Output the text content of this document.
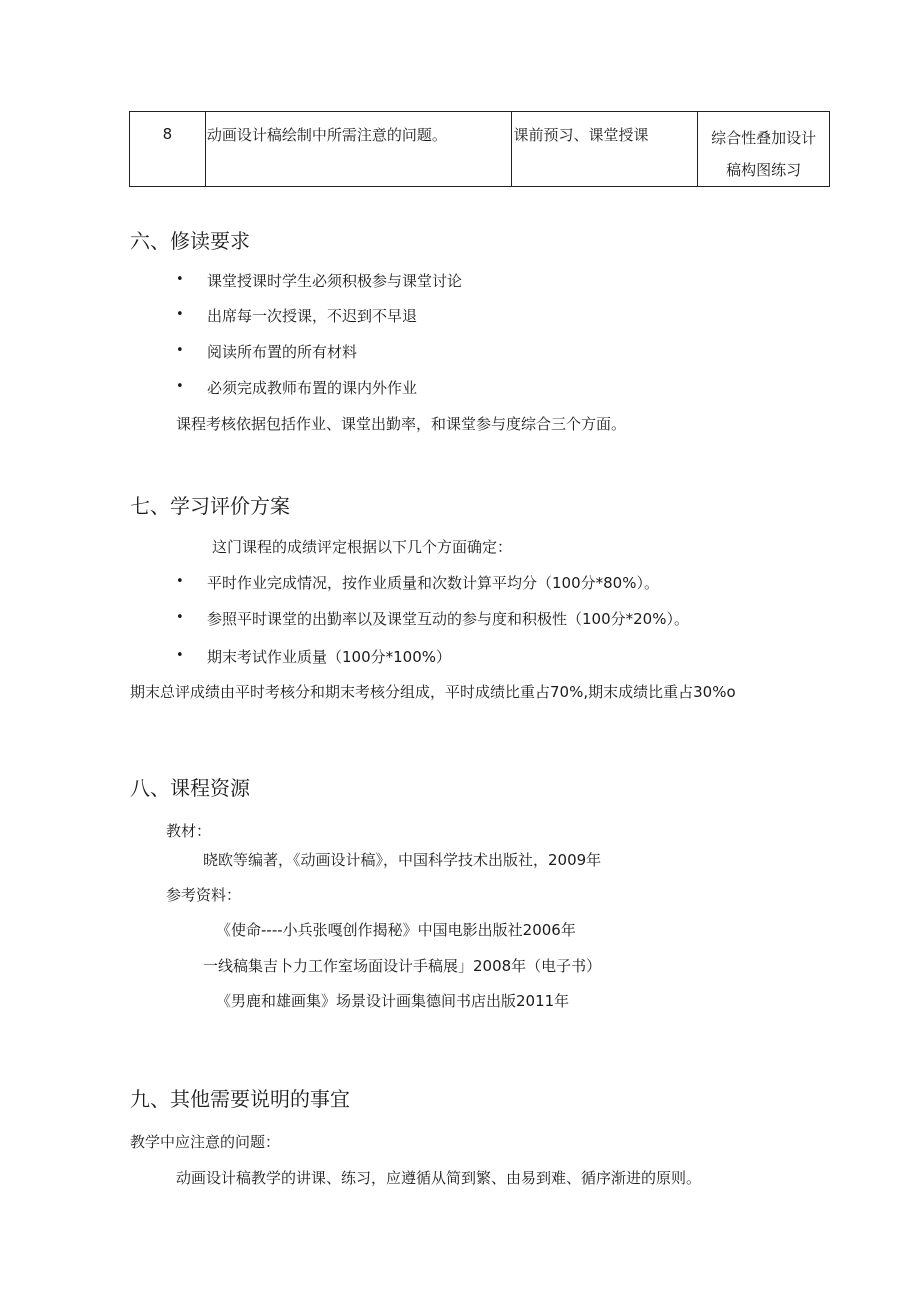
8	动画设计稿绘制中所需注意的问题。	课前预习、课堂授课	综合性叠加设计
稿构图练习
六、修读要求
• 课堂授课时学生必须积极参与课堂讨论
• 出席每一次授课，不迟到不早退
• 阅读所布置的所有材料
• 必须完成教师布置的课内外作业
课程考核依据包括作业、课堂出勤率，和课堂参与度综合三个方面。
七、学习评价方案
这门课程的成绩评定根据以下几个方面确定：
• 平时作业完成情况，按作业质量和次数计算平均分（100分*80%）。
• 参照平时课堂的出勤率以及课堂互动的参与度和积极性（100分*20%）。
• 期末考试作业质量（100分*100%）
期末总评成绩由平时考核分和期末考核分组成，平时成绩比重占70%,期末成绩比重占30%o
八、课程资源
教材：
晓欧等编著，《动画设计稿》，中国科学技术出版社，2009年
参考资料：
《使命----小兵张嘎创作揭秘》中国电影出版社2006年
一线稿集吉卜力工作室场面设计手稿展」2008年（电子书）
《男鹿和雄画集》场景设计画集德间书店出版2011年
九、其他需要说明的事宜
教学中应注意的问题：
动画设计稿教学的讲课、练习，应遵循从简到繁、由易到难、循序渐进的原则。
